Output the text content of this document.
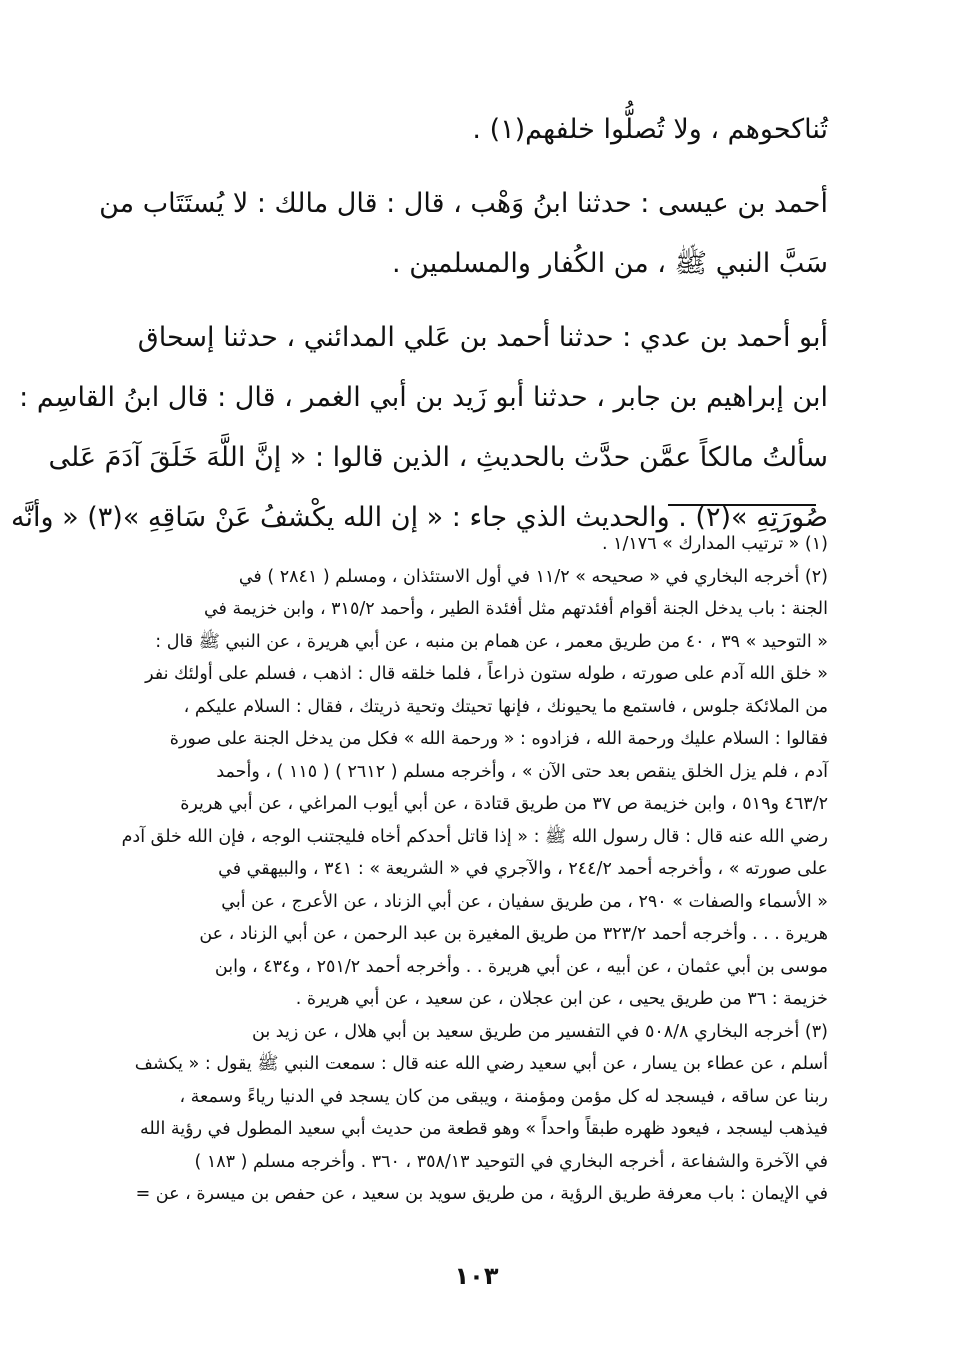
تُناكحوهم ، ولا تُصلُّوا خلفهم(١) .
أحمد بن عيسى : حدثنا ابنُ وَهْب ، قال : قال مالك : لا يُستَتَاب من
سَبَّ النبي ﷺ ، من الكُفار والمسلمين .
أبو أحمد بن عدي : حدثنا أحمد بن عَلي المدائني ، حدثنا إسحاق
ابن إبراهيم بن جابر ، حدثنا أبو زَيد بن أبي الغمر ، قال : قال ابنُ القاسِم :
سألتُ مالكاً عمَّن حدَّث بالحديثِ ، الذين قالوا : « إنَّ اللَّهَ خَلَقَ آدَمَ عَلى
صُورَتِهِ »(٢) . والحديث الذي جاء : « إن الله يكْشفُ عَنْ سَاقِهِ »(٣) « وأنَّه
(١) « ترتيب المدارك » ١/١٧٦ .
(٢) أخرجه البخاري في « صحيحه » ١١/٢ في أول الاستئذان ، ومسلم ( ٢٨٤١ ) في
الجنة : باب يدخل الجنة أقوام أفئدتهم مثل أفئدة الطير ، وأحمد ٣١٥/٢ ، وابن خزيمة في
« التوحيد » ٣٩ ، ٤٠ من طريق معمر ، عن همام بن منبه ، عن أبي هريرة ، عن النبي ﷺ قال :
« خلق الله آدم على صورته ، طوله ستون ذراعاً ، فلما خلقه قال : اذهب ، فسلم على أولئك نفر
من الملائكة جلوس ، فاستمع ما يحيونك ، فإنها تحيتك وتحية ذريتك ، فقال : السلام عليكم ،
فقالوا : السلام عليك ورحمة الله ، فزادوه : « ورحمة الله » فكل من يدخل الجنة على صورة
آدم ، فلم يزل الخلق ينقص بعد حتى الآن » ، وأخرجه مسلم ( ٢٦١٢ ) ( ١١٥ ) ، وأحمد
٤٦٣/٢ و٥١٩ ، وابن خزيمة ص ٣٧ من طريق قتادة ، عن أبي أيوب المراغي ، عن أبي هريرة
رضي الله عنه قال : قال رسول الله ﷺ : « إذا قاتل أحدكم أخاه فليجتنب الوجه ، فإن الله خلق آدم
على صورته » ، وأخرجه أحمد ٢٤٤/٢ ، والآجري في « الشريعة » : ٣٤١ ، والبيهقي في
« الأسماء والصفات » ٢٩٠ ، من طريق سفيان ، عن أبي الزناد ، عن الأعرج ، عن أبي
هريرة . . . وأخرجه أحمد ٣٢٣/٢ من طريق المغيرة بن عبد الرحمن ، عن أبي الزناد ، عن
موسى بن أبي عثمان ، عن أبيه ، عن أبي هريرة . . وأخرجه أحمد ٢٥١/٢ ، و٤٣٤ ، وابن
خزيمة : ٣٦ من طريق يحيى ، عن ابن عجلان ، عن سعيد ، عن أبي هريرة .
(٣) أخرجه البخاري ٥٠٨/٨ في التفسير من طريق سعيد بن أبي هلال ، عن زيد بن
أسلم ، عن عطاء بن يسار ، عن أبي سعيد رضي الله عنه قال : سمعت النبي ﷺ يقول : « يكشف
ربنا عن ساقه ، فيسجد له كل مؤمن ومؤمنة ، ويبقى من كان يسجد في الدنيا رياءً وسمعة ،
فيذهب ليسجد ، فيعود ظهره طبقاً واحداً » وهو قطعة من حديث أبي سعيد المطول في رؤية الله
في الآخرة والشفاعة ، أخرجه البخاري في التوحيد ٣٥٨/١٣ ، ٣٦٠ . وأخرجه مسلم ( ١٨٣ )
في الإيمان : باب معرفة طريق الرؤية ، من طريق سويد بن سعيد ، عن حفص بن ميسرة ، عن =
١٠٣
